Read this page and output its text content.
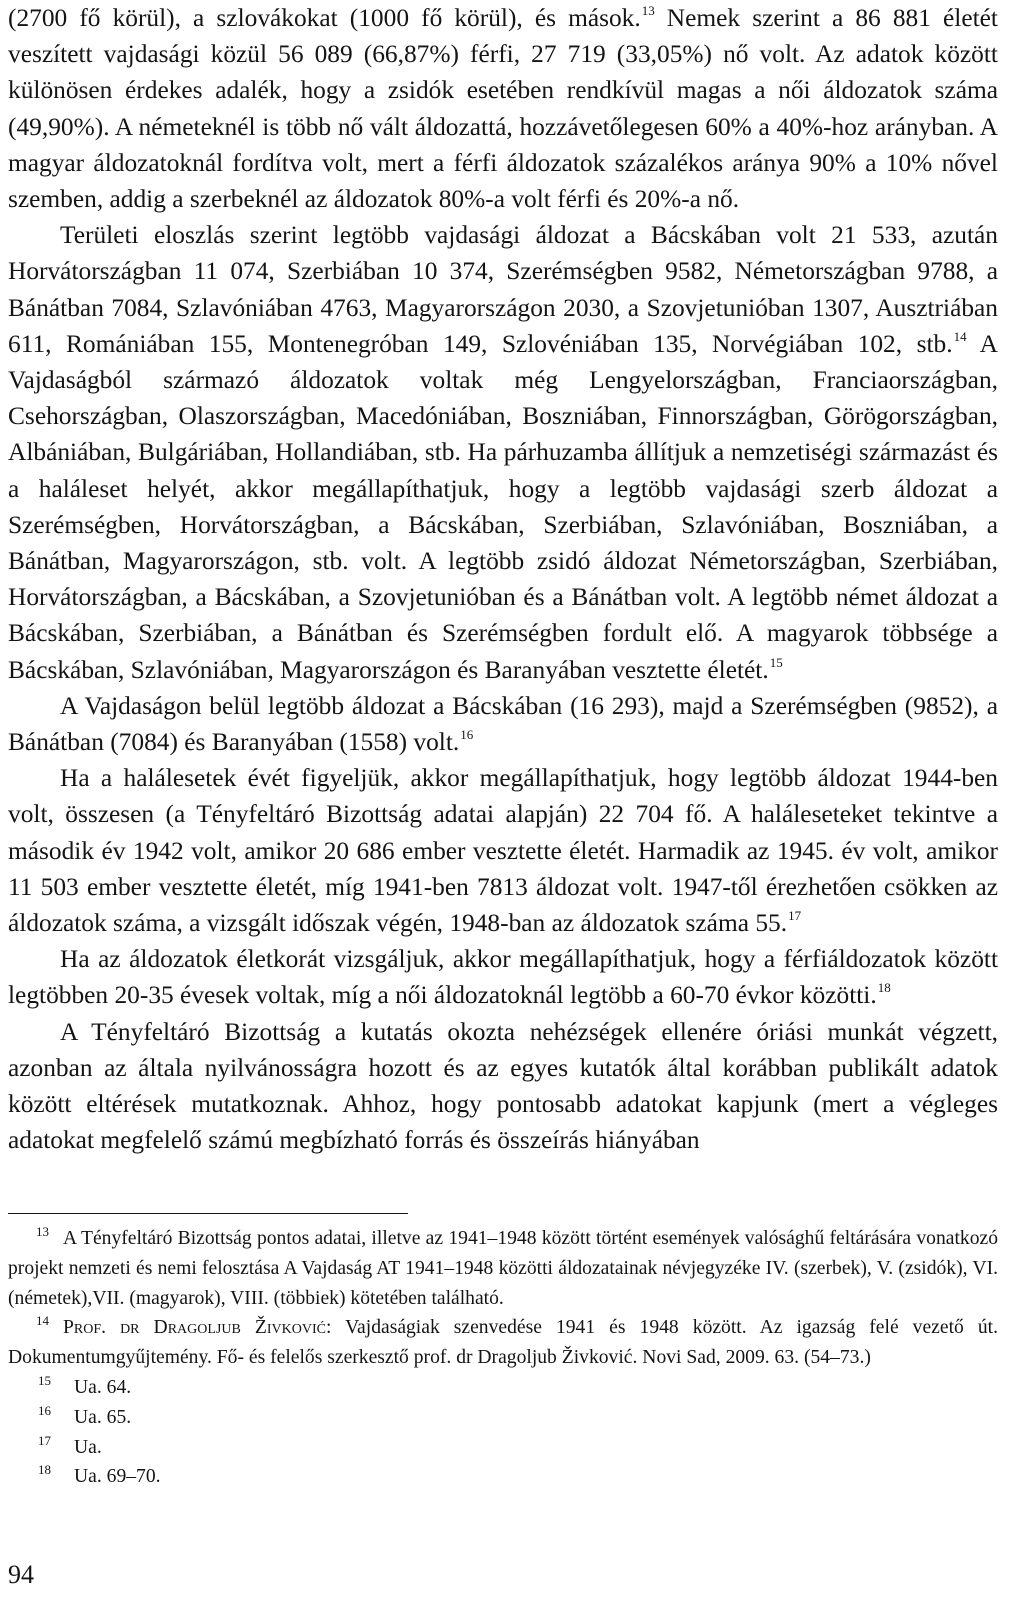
(2700 fő körül), a szlovákokat (1000 fő körül), és mások.$^{13}$ Nemek szerint a 86 881 életét veszített vajdasági közül 56 089 (66,87%) férfi, 27 719 (33,05%) nő volt. Az adatok között különösen érdekes adalék, hogy a zsidók esetében rendkívül magas a női áldozatok száma (49,90%). A németeknél is több nő vált áldozattá, hozzávetőlegesen 60% a 40%-hoz arányban. A magyar áldozatoknál fordítva volt, mert a férfi áldozatok százalékos aránya 90% a 10% nővel szemben, addig a szerbeknél az áldozatok 80%-a volt férfi és 20%-a nő.

Területi eloszlás szerint legtöbb vajdasági áldozat a Bácskában volt 21 533, azután Horvátországban 11 074, Szerbiában 10 374, Szerémségben 9582, Németországban 9788, a Bánátban 7084, Szlavóniában 4763, Magyarországon 2030, a Szovjetunióban 1307, Ausztriában 611, Romániában 155, Montenegróban 149, Szlovéniában 135, Norvégiában 102, stb.$^{14}$ A Vajdaságból származó áldozatok voltak még Lengyelországban, Franciaországban, Csehországban, Olaszországban, Macedóniában, Boszniában, Finnországban, Görögországban, Albániában, Bulgáriában, Hollandiában, stb. Ha párhuzamba állítjuk a nemzetiségi származást és a haláleset helyét, akkor megállapíthatjuk, hogy a legtöbb vajdasági szerb áldozat a Szerémségben, Horvátországban, a Bácskában, Szerbiában, Szlavóniában, Boszniában, a Bánátban, Magyarországon, stb. volt. A legtöbb zsidó áldozat Németországban, Szerbiában, Horvátországban, a Bácskában, a Szovjetunióban és a Bánátban volt. A legtöbb német áldozat a Bácskában, Szerbiában, a Bánátban és Szerémségben fordult elő. A magyarok többsége a Bácskában, Szlavóniában, Magyarországon és Baranyában vesztette életét.$^{15}$

A Vajdaságon belül legtöbb áldozat a Bácskában (16 293), majd a Szerémségben (9852), a Bánátban (7084) és Baranyában (1558) volt.$^{16}$

Ha a halálesetek évét figyeljük, akkor megállapíthatjuk, hogy legtöbb áldozat 1944-ben volt, összesen (a Tényfeltáró Bizottság adatai alapján) 22 704 fő. A haláleseteket tekintve a második év 1942 volt, amikor 20 686 ember vesztette életét. Harmadik az 1945. év volt, amikor 11 503 ember vesztette életét, míg 1941-ben 7813 áldozat volt. 1947-től érezhetően csökken az áldozatok száma, a vizsgált időszak végén, 1948-ban az áldozatok száma 55.17

Ha az áldozatok életkorát vizsgáljuk, akkor megállapíthatjuk, hogy a férfiáldozatok között legtöbben 20-35 évesek voltak, míg a női áldozatoknál legtöbb a 60-70 évkor közötti.$^{18}$

A Tényfeltáró Bizottság a kutatás okozta nehézségek ellenére óriási munkát végzett, azonban az általa nyilvánosságra hozott és az egyes kutatók által korábban publikált adatok között eltérések mutatkoznak. Ahhoz, hogy pontosabb adatokat kapjunk (mert a végleges adatokat megfelelő számú megbízható forrás és összeírás hiányában

$^{13}$ A Tényfeltáró Bizottság pontos adatai, illetve az 1941–1948 között történt események valósághű feltárására vonatkozó projekt nemzeti és nemi felosztása A Vajdaság AT 1941–1948 közötti áldozatainak névjegyzéke IV. (szerbek), V. (zsidók), VI. (németek),VII. (magyarok), VIII. (többiek) kötetében található.

$^{14}$ Prof. dr Dragoljub Živković: Vajdaságiak szenvedése 1941 és 1948 között. Az igazság felé vezető út. Dokumentumgyűjtemény. Fő- és felelős szerkesztő prof. dr Dragoljub Živković. Novi Sad, 2009. 63. (54–73.)

15 Ua. 64.

16 Ua. 65.

17 Ua.

18 Ua. 69–70.

94
